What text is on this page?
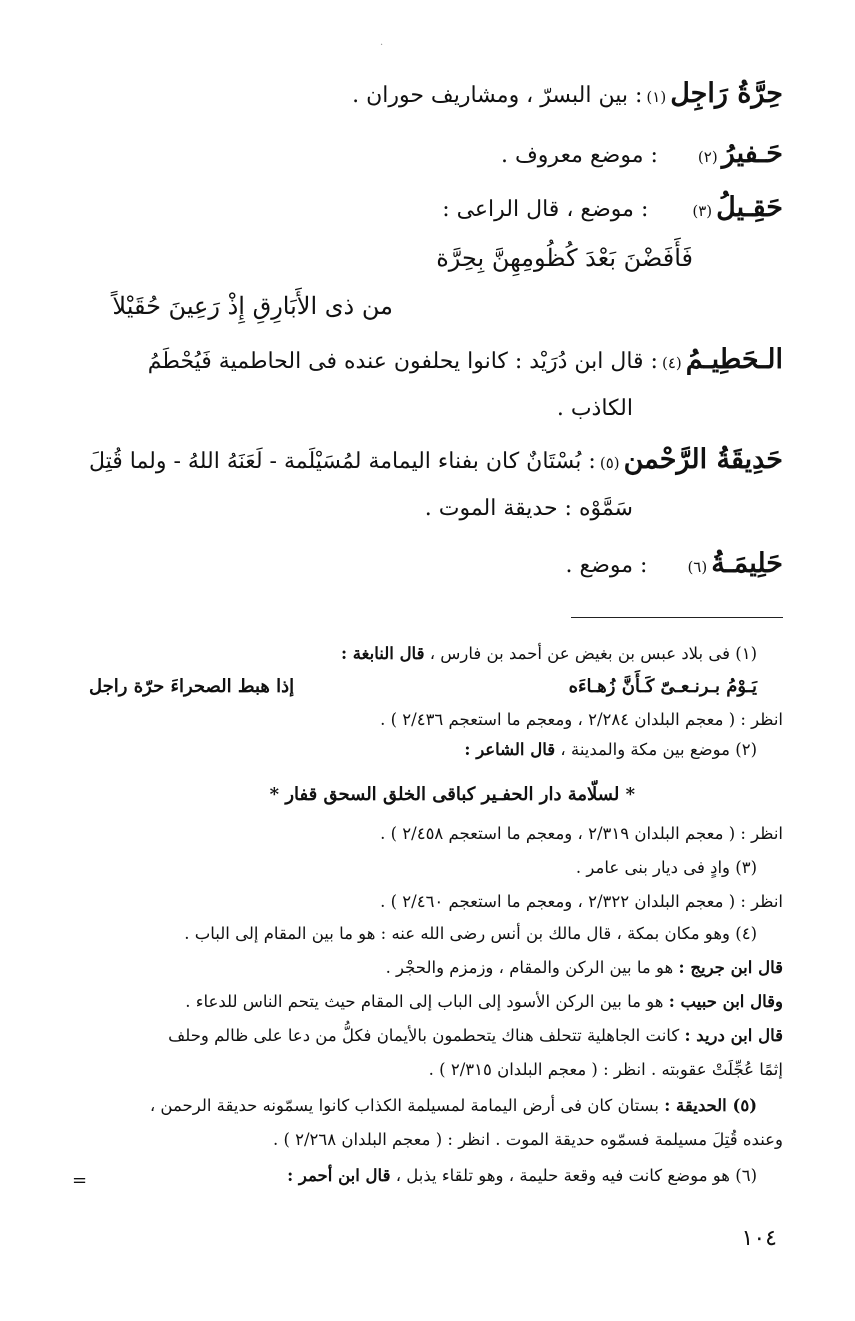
·
حِرَّةُ رَاجِل
(١)
: بين البسرّ ، ومشاريف حوران .
حَـفيرُ
(٢)
: موضع معروف .
حَقِـيلُ
(٣)
: موضع ، قال الراعى :
فَأَفَضْنَ بَعْدَ كُظُومِهِنَّ بِحِرَّة
من ذى الأَبَارِقِ إِذْ رَعِينَ حُقَيْلاً
الـحَطِيـمُ
(٤)
: قال ابن دُرَيْد : كانوا يحلفون عنده فى الحاطمية فَيُحْطَمُ
الكاذب .
حَدِيقَةُ الرَّحْمن
(٥)
: بُسْتَانٌ كان بفناء اليمامة لمُسَيْلَمة - لَعَنَهُ اللهُ - ولما قُتِلَ
سَمَّوْه : حديقة الموت .
حَلِيمَـةُ
(٦)
: موضع .
(١) فى بلاد عبس بن بغيض عن أحمد بن فارس ، قال النابغة :
يَـوْمُ بـرنـعـىّ كَـأَنَّ زُهـاءَه
إذا هبط الصحراءَ حرّة راجل
انظر : ( معجم البلدان ٢/٢٨٤ ، ومعجم ما استعجم ٢/٤٣٦ ) .
(٢) موضع بين مكة والمدينة ، قال الشاعر :
* لسلّامة دار الحفـير كباقى الخلق السحق قفار *
انظر : ( معجم البلدان ٢/٣١٩ ، ومعجم ما استعجم ٢/٤٥٨ ) .
(٣) وادٍ فى ديار بنى عامر .
انظر : ( معجم البلدان ٢/٣٢٢ ، ومعجم ما استعجم ٢/٤٦٠ ) .
(٤) وهو مكان بمكة ، قال مالك بن أنس رضى الله عنه : هو ما بين المقام إلى الباب .
قال ابن جريج : هو ما بين الركن والمقام ، وزمزم والحجْر .
وقال ابن حبيب : هو ما بين الركن الأسود إلى الباب إلى المقام حيث يتحم الناس للدعاء .
قال ابن دريد : كانت الجاهلية تتحلف هناك يتحطمون بالأيمان فكلُّ من دعا على ظالم وحلف
إثمًا عُجِّلَتْ عقوبته . انظر : ( معجم البلدان ٢/٣١٥ ) .
(٥) الحديقة : بستان كان فى أرض اليمامة لمسيلمة الكذاب كانوا يسمّونه حديقة الرحمن ،
وعنده قُتِلَ مسيلمة فسمّوه حديقة الموت . انظر : ( معجم البلدان ٢/٢٦٨ ) .
(٦) هو موضع كانت فيه وقعة حليمة ، وهو تلقاء يذبل ، قال ابن أحمر :
=
١٠٤
